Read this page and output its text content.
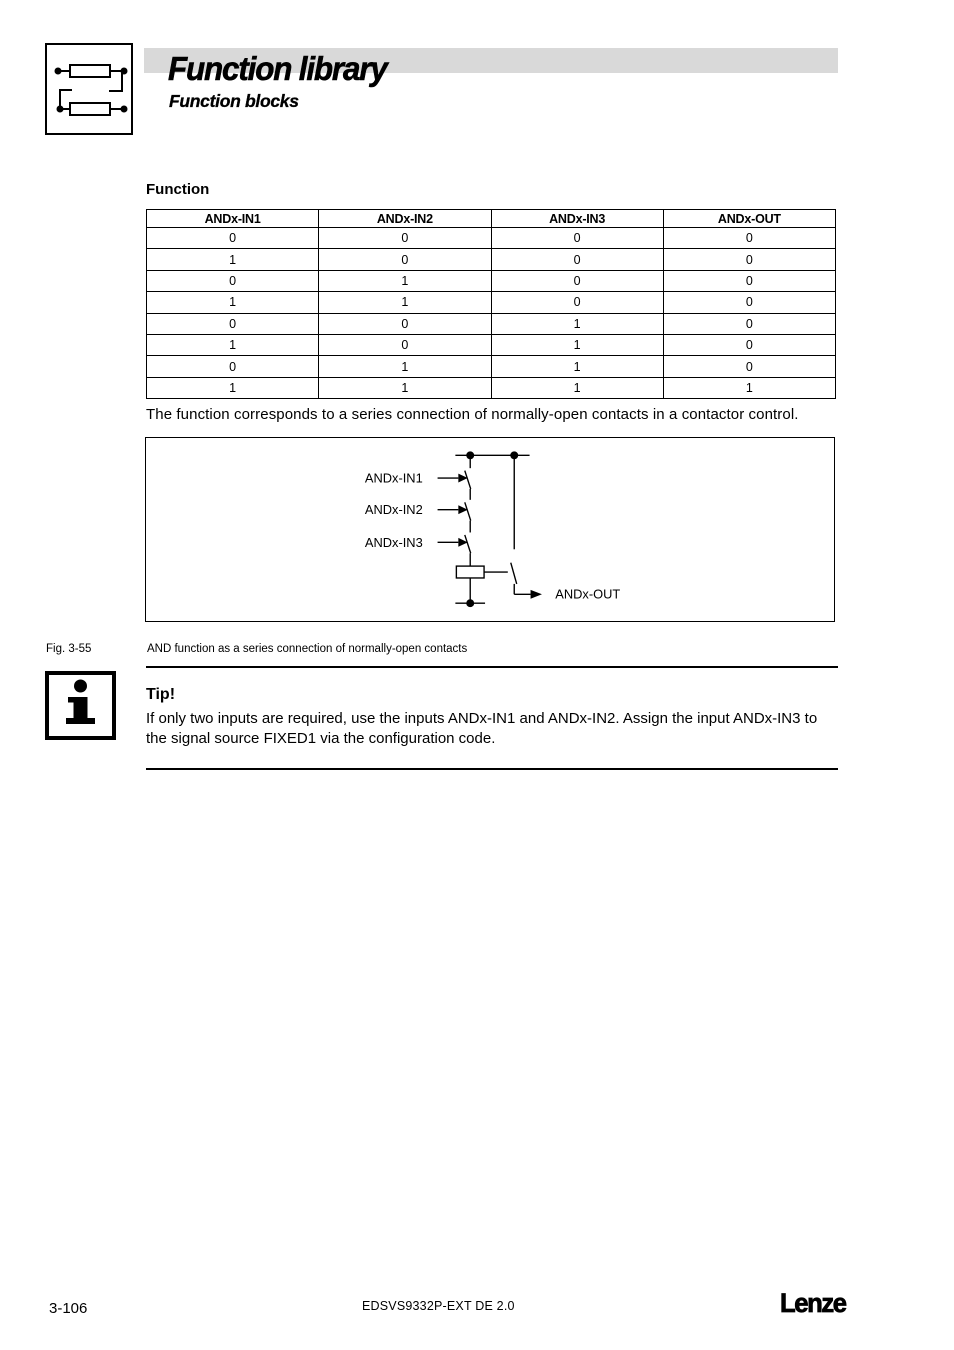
Function library
Function blocks
Function
ANDx-IN1	ANDx-IN2	ANDx-IN3	ANDx-OUT
0	0	0	0
1	0	0	0
0	1	0	0
1	1	0	0
0	0	1	0
1	0	1	0
0	1	1	0
1	1	1	1

The function corresponds to a series connection of normally-open contacts in a contactor control.

ANDx-IN1
ANDx-IN2
ANDx-IN3
ANDx-OUT
Fig. 3-55	AND function as a series connection of normally-open contacts
Tip!

If only two inputs are required, use the inputs ANDx-IN1 and ANDx-IN2. Assign the input ANDx-IN3 to the signal source FIXED1 via the configuration code.

3-106	EDSVS9332P-EXT DE 2.0	Lenze
